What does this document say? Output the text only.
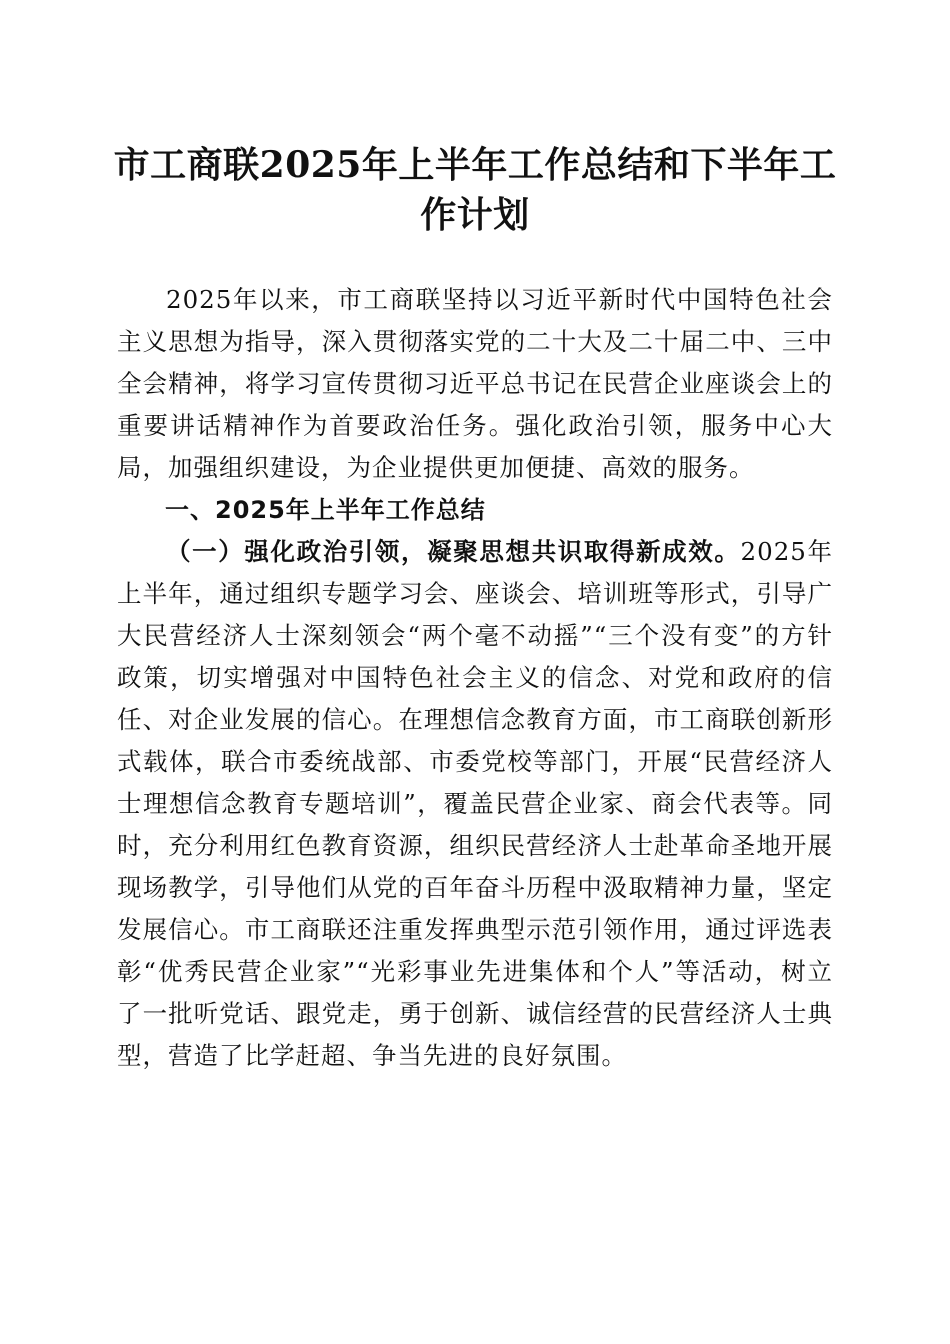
市工商联2025年上半年工作总结和下半年工
作计划

2025年以来，市工商联坚持以习近平新时代中国特色社会主义思想为指导，深入贯彻落实党的二十大及二十届二中、三中全会精神，将学习宣传贯彻习近平总书记在民营企业座谈会上的重要讲话精神作为首要政治任务。强化政治引领，服务中心大局，加强组织建设，为企业提供更加便捷、高效的服务。

一、2025年上半年工作总结

（一）强化政治引领，凝聚思想共识取得新成效。2025年上半年，通过组织专题学习会、座谈会、培训班等形式，引导广大民营经济人士深刻领会“两个毫不动摇”“三个没有变”的方针政策，切实增强对中国特色社会主义的信念、对党和政府的信任、对企业发展的信心。在理想信念教育方面，市工商联创新形式载体，联合市委统战部、市委党校等部门，开展“民营经济人士理想信念教育专题培训”，覆盖民营企业家、商会代表等。同时，充分利用红色教育资源，组织民营经济人士赴革命圣地开展现场教学，引导他们从党的百年奋斗历程中汲取精神力量，坚定发展信心。市工商联还注重发挥典型示范引领作用，通过评选表彰“优秀民营企业家”“光彩事业先进集体和个人”等活动，树立了一批听党话、跟党走，勇于创新、诚信经营的民营经济人士典型，营造了比学赶超、争当先进的良好氛围。
